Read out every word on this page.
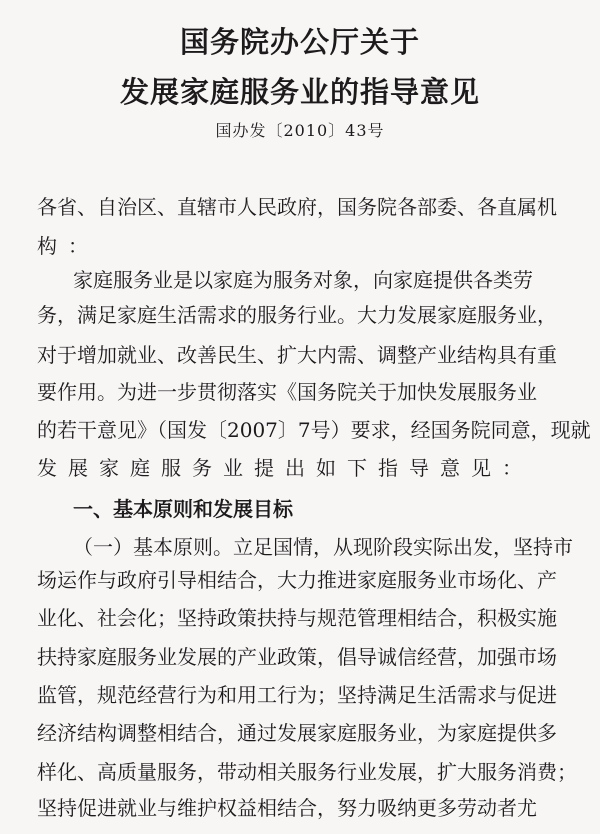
国务院办公厅关于
发展家庭服务业的指导意见
国办发〔2010〕43号
各省、自治区、直辖市人民政府，国务院各部委、各直属机
构：
家庭服务业是以家庭为服务对象，向家庭提供各类劳
务，满足家庭生活需求的服务行业。大力发展家庭服务业，
对于增加就业、改善民生、扩大内需、调整产业结构具有重
要作用。为进一步贯彻落实《国务院关于加快发展服务业
的若干意见》（国发〔2007〕7号）要求，经国务院同意，现就
发展家庭服务业提出如下指导意见：
一、基本原则和发展目标
（一）基本原则。立足国情，从现阶段实际出发，坚持市
场运作与政府引导相结合，大力推进家庭服务业市场化、产
业化、社会化；坚持政策扶持与规范管理相结合，积极实施
扶持家庭服务业发展的产业政策，倡导诚信经营，加强市场
监管，规范经营行为和用工行为；坚持满足生活需求与促进
经济结构调整相结合，通过发展家庭服务业，为家庭提供多
样化、高质量服务，带动相关服务行业发展，扩大服务消费；
坚持促进就业与维护权益相结合，努力吸纳更多劳动者尤
